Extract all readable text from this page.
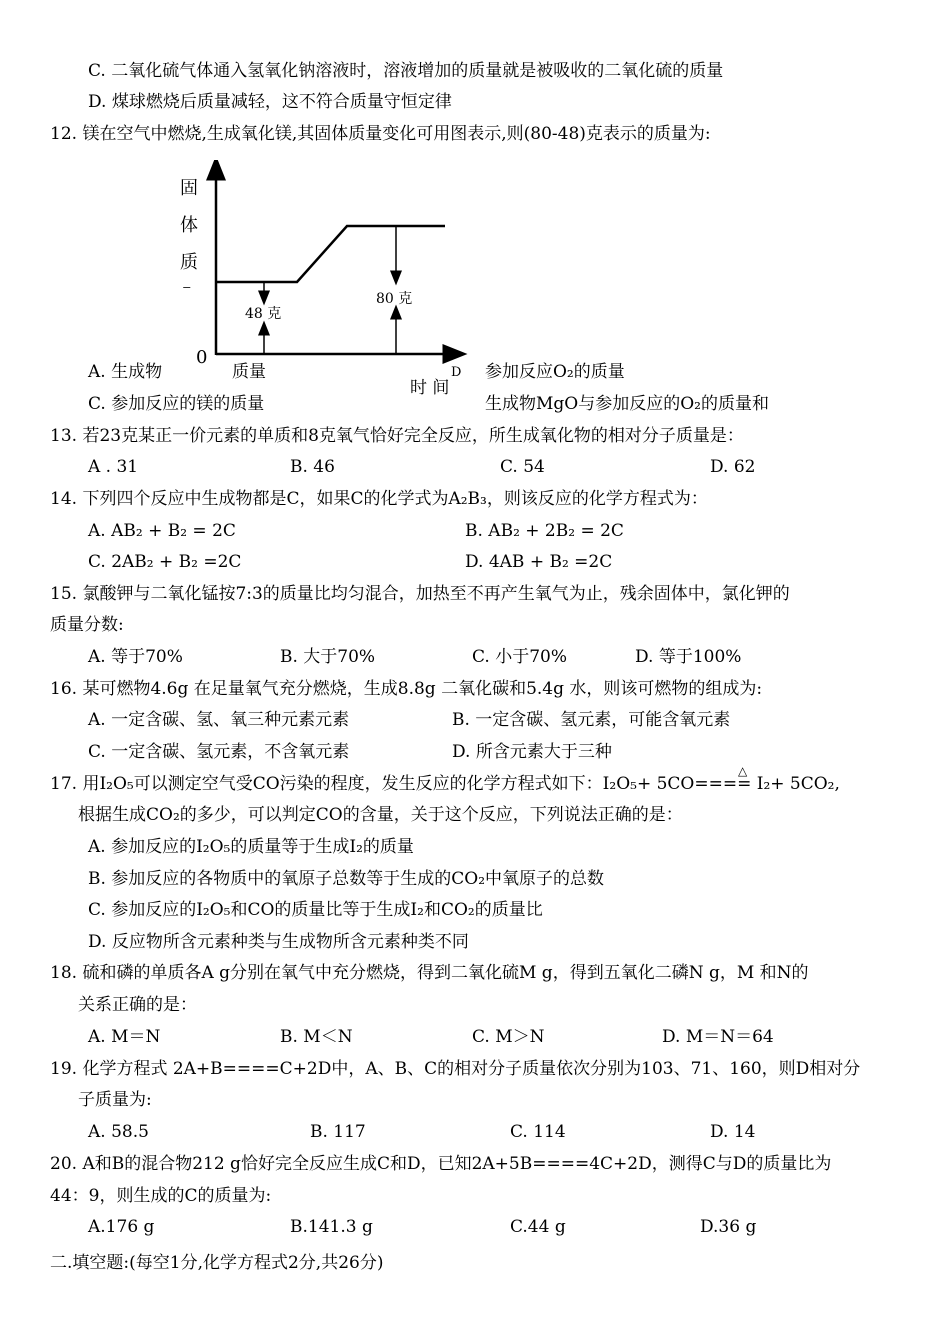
C. 二氧化硫气体通入氢氧化钠溶液时，溶液增加的质量就是被吸收的二氧化硫的质量
D. 煤球燃烧后质量减轻，这不符合质量守恒定律
12. 镁在空气中燃烧,生成氧化镁,其固体质量变化可用图表示,则(80-48)克表示的质量为:
固
体
质
⁻
0
48 克
80 克
时 间
D
A. 生成物	质量	参加反应O₂的质量
C. 参加反应的镁的质量	生成物MgO与参加反应的O₂的质量和
13. 若23克某正一价元素的单质和8克氧气恰好完全反应，所生成氧化物的相对分子质量是：
A . 31	B. 46	C. 54	D. 62
14. 下列四个反应中生成物都是C，如果C的化学式为A₂B₃，则该反应的化学方程式为：
A. AB₂ + B₂ = 2C	B. AB₂ + 2B₂ = 2C
C. 2AB₂ + B₂ =2C	D. 4AB + B₂ =2C
15. 氯酸钾与二氧化锰按7:3的质量比均匀混合，加热至不再产生氧气为止，残余固体中，氯化钾的
质量分数:
A. 等于70%	B. 大于70%	C. 小于70%	D. 等于100%
16. 某可燃物4.6g 在足量氧气充分燃烧，生成8.8g 二氧化碳和5.4g 水，则该可燃物的组成为:
A. 一定含碳、氢、氧三种元素元素	B. 一定含碳、氢元素，可能含氧元素
C. 一定含碳、氢元素，不含氧元素	D. 所含元素大于三种
△
17. 用I₂O₅可以测定空气受CO污染的程度，发生反应的化学方程式如下：I₂O₅+ 5CO==== I₂+ 5CO₂,
根据生成CO₂的多少，可以判定CO的含量，关于这个反应，下列说法正确的是：
A. 参加反应的I₂O₅的质量等于生成I₂的质量
B. 参加反应的各物质中的氧原子总数等于生成的CO₂中氧原子的总数
C. 参加反应的I₂O₅和CO的质量比等于生成I₂和CO₂的质量比
D. 反应物所含元素种类与生成物所含元素种类不同
18. 硫和磷的单质各A g分别在氧气中充分燃烧，得到二氧化硫M g，得到五氧化二磷N g，M 和N的
关系正确的是：
A. M＝N	B. M＜N	C. M＞N	D. M＝N＝64
19. 化学方程式 2A+B====C+2D中，A、B、C的相对分子质量依次分别为103、71、160，则D相对分
子质量为:
A. 58.5	B. 117	C. 114	D. 14
20. A和B的混合物212 g恰好完全反应生成C和D，已知2A+5B====4C+2D，测得C与D的质量比为
44：9，则生成的C的质量为:
A.176 g	B.141.3 g	C.44 g	D.36 g
二.填空题:(每空1分,化学方程式2分,共26分)
